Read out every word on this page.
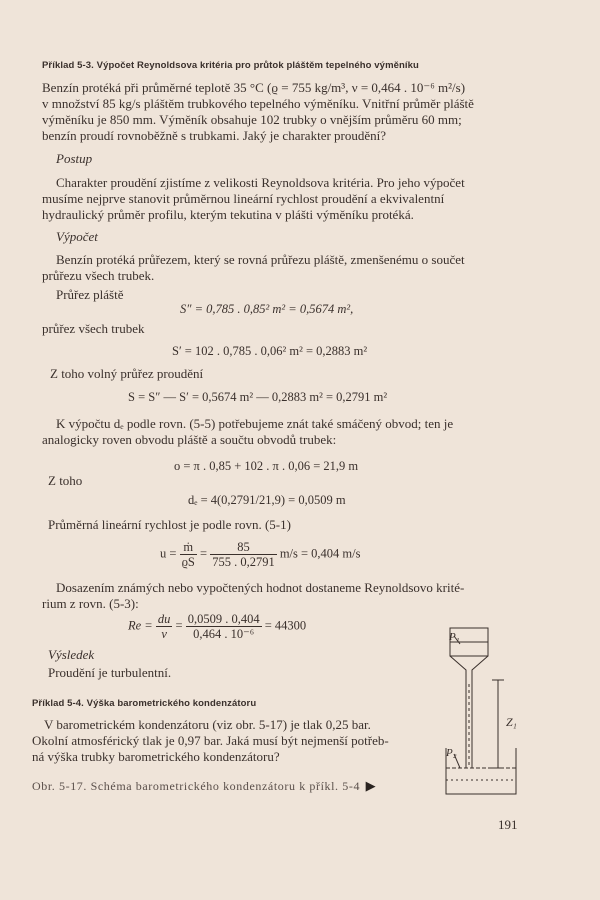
Příklad 5-3. Výpočet Reynoldsova kritéria pro průtok pláštěm tepelného výměníku
Benzín protéká při průměrné teplotě 35 °C (ϱ = 755 kg/m³, ν = 0,464 . 10⁻⁶ m²/s)
v množství 85 kg/s pláštěm trubkového tepelného výměníku. Vnitřní průměr pláště
výměníku je 850 mm. Výměník obsahuje 102 trubky o vnějším průměru 60 mm;
benzín proudí rovnoběžně s trubkami. Jaký je charakter proudění?
Postup
Charakter proudění zjistíme z velikosti Reynoldsova kritéria. Pro jeho výpočet
musíme nejprve stanovit průměrnou lineární rychlost proudění a ekvivalentní
hydraulický průměr profilu, kterým tekutina v plášti výměníku protéká.
Výpočet
Benzín protéká průřezem, který se rovná průřezu pláště, zmenšenému o součet
průřezu všech trubek.
Průřez pláště
S″ = 0,785 . 0,85² m² = 0,5674 m²,
průřez všech trubek
S′ = 102 . 0,785 . 0,06² m² = 0,2883 m²
Z toho volný průřez proudění
S = S″ — S′ = 0,5674 m² — 0,2883 m² = 0,2791 m²
K výpočtu dₑ podle rovn. (5-5) potřebujeme znát také smáčený obvod; ten je
analogicky roven obvodu pláště a součtu obvodů trubek:
o = π . 0,85 + 102 . π . 0,06 = 21,9 m
Z toho
dₑ = 4(0,2791/21,9) = 0,0509 m
Průměrná lineární rychlost je podle rovn. (5-1)
$u = \frac{\text{ṁ}}{ϱS} = \frac{85}{755 . 0,2791} m/s = 0,404$ m/s
Dosazením známých nebo vypočtených hodnot dostaneme Reynoldsovo krité-
rium z rovn. (5-3):
$Re = \frac{du}{\nu} = \frac{0,0509 . 0,404}{\text{0,464 . 10⁻⁶}} = 44300$
Výsledek
Proudění je turbulentní.
Příklad 5-4. Výška barometrického kondenzátoru
V barometrickém kondenzátoru (viz obr. 5-17) je tlak 0,25 bar.
Okolní atmosférický tlak je 0,97 bar. Jaká musí být nejmenší potřeb-
ná výška trubky barometrického kondenzátoru?
Obr. 5-17. Schéma barometrického kondenzátoru k příkl. 5-4 ▶
P₁
P₂
Z₁
191
